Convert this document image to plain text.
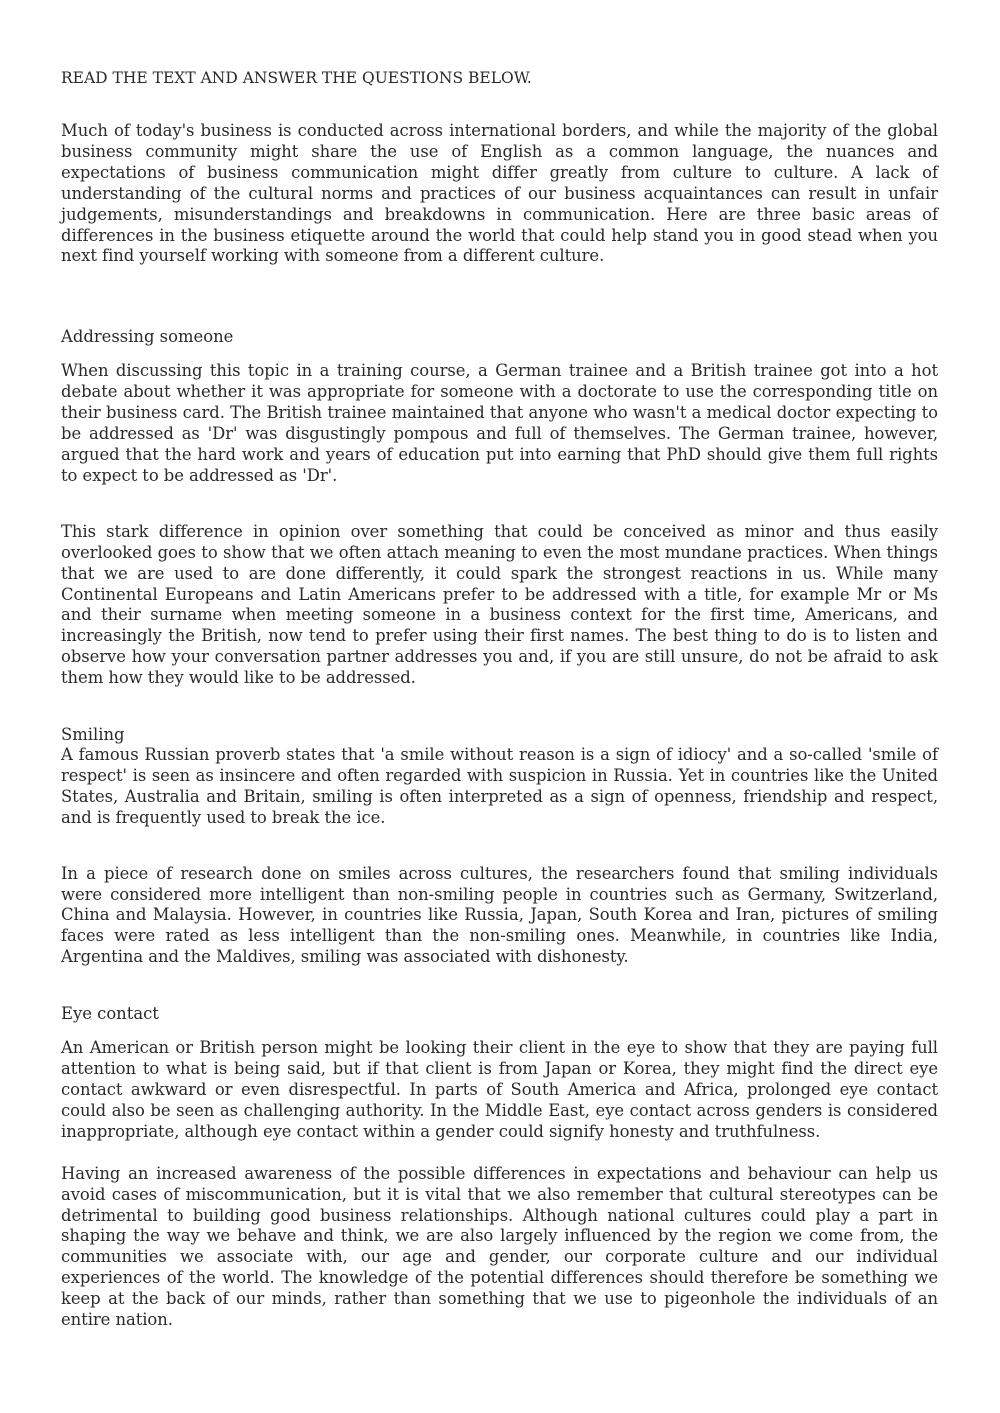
READ THE TEXT AND ANSWER THE QUESTIONS BELOW.

Much of today's business is conducted across international borders, and while the majority of the global business community might share the use of English as a common language, the nuances and expectations of business communication might differ greatly from culture to culture. A lack of understanding of the cultural norms and practices of our business acquaintances can result in unfair judgements, misunderstandings and breakdowns in communication. Here are three basic areas of differences in the business etiquette around the world that could help stand you in good stead when you next find yourself working with someone from a different culture.

Addressing someone

When discussing this topic in a training course, a German trainee and a British trainee got into a hot debate about whether it was appropriate for someone with a doctorate to use the corresponding title on their business card. The British trainee maintained that anyone who wasn't a medical doctor expecting to be addressed as 'Dr' was disgustingly pompous and full of themselves. The German trainee, however, argued that the hard work and years of education put into earning that PhD should give them full rights to expect to be addressed as 'Dr'.

This stark difference in opinion over something that could be conceived as minor and thus easily overlooked goes to show that we often attach meaning to even the most mundane practices. When things that we are used to are done differently, it could spark the strongest reactions in us. While many Continental Europeans and Latin Americans prefer to be addressed with a title, for example Mr or Ms and their surname when meeting someone in a business context for the first time, Americans, and increasingly the British, now tend to prefer using their first names. The best thing to do is to listen and observe how your conversation partner addresses you and, if you are still unsure, do not be afraid to ask them how they would like to be addressed.

Smiling

A famous Russian proverb states that 'a smile without reason is a sign of idiocy' and a so-called 'smile of respect' is seen as insincere and often regarded with suspicion in Russia. Yet in countries like the United States, Australia and Britain, smiling is often interpreted as a sign of openness, friendship and respect, and is frequently used to break the ice.

In a piece of research done on smiles across cultures, the researchers found that smiling individuals were considered more intelligent than non-smiling people in countries such as Germany, Switzerland, China and Malaysia. However, in countries like Russia, Japan, South Korea and Iran, pictures of smiling faces were rated as less intelligent than the non-smiling ones. Meanwhile, in countries like India, Argentina and the Maldives, smiling was associated with dishonesty.

Eye contact

An American or British person might be looking their client in the eye to show that they are paying full attention to what is being said, but if that client is from Japan or Korea, they might find the direct eye contact awkward or even disrespectful. In parts of South America and Africa, prolonged eye contact could also be seen as challenging authority. In the Middle East, eye contact across genders is considered inappropriate, although eye contact within a gender could signify honesty and truthfulness.

Having an increased awareness of the possible differences in expectations and behaviour can help us avoid cases of miscommunication, but it is vital that we also remember that cultural stereotypes can be detrimental to building good business relationships. Although national cultures could play a part in shaping the way we behave and think, we are also largely influenced by the region we come from, the communities we associate with, our age and gender, our corporate culture and our individual experiences of the world. The knowledge of the potential differences should therefore be something we keep at the back of our minds, rather than something that we use to pigeonhole the individuals of an entire nation.
